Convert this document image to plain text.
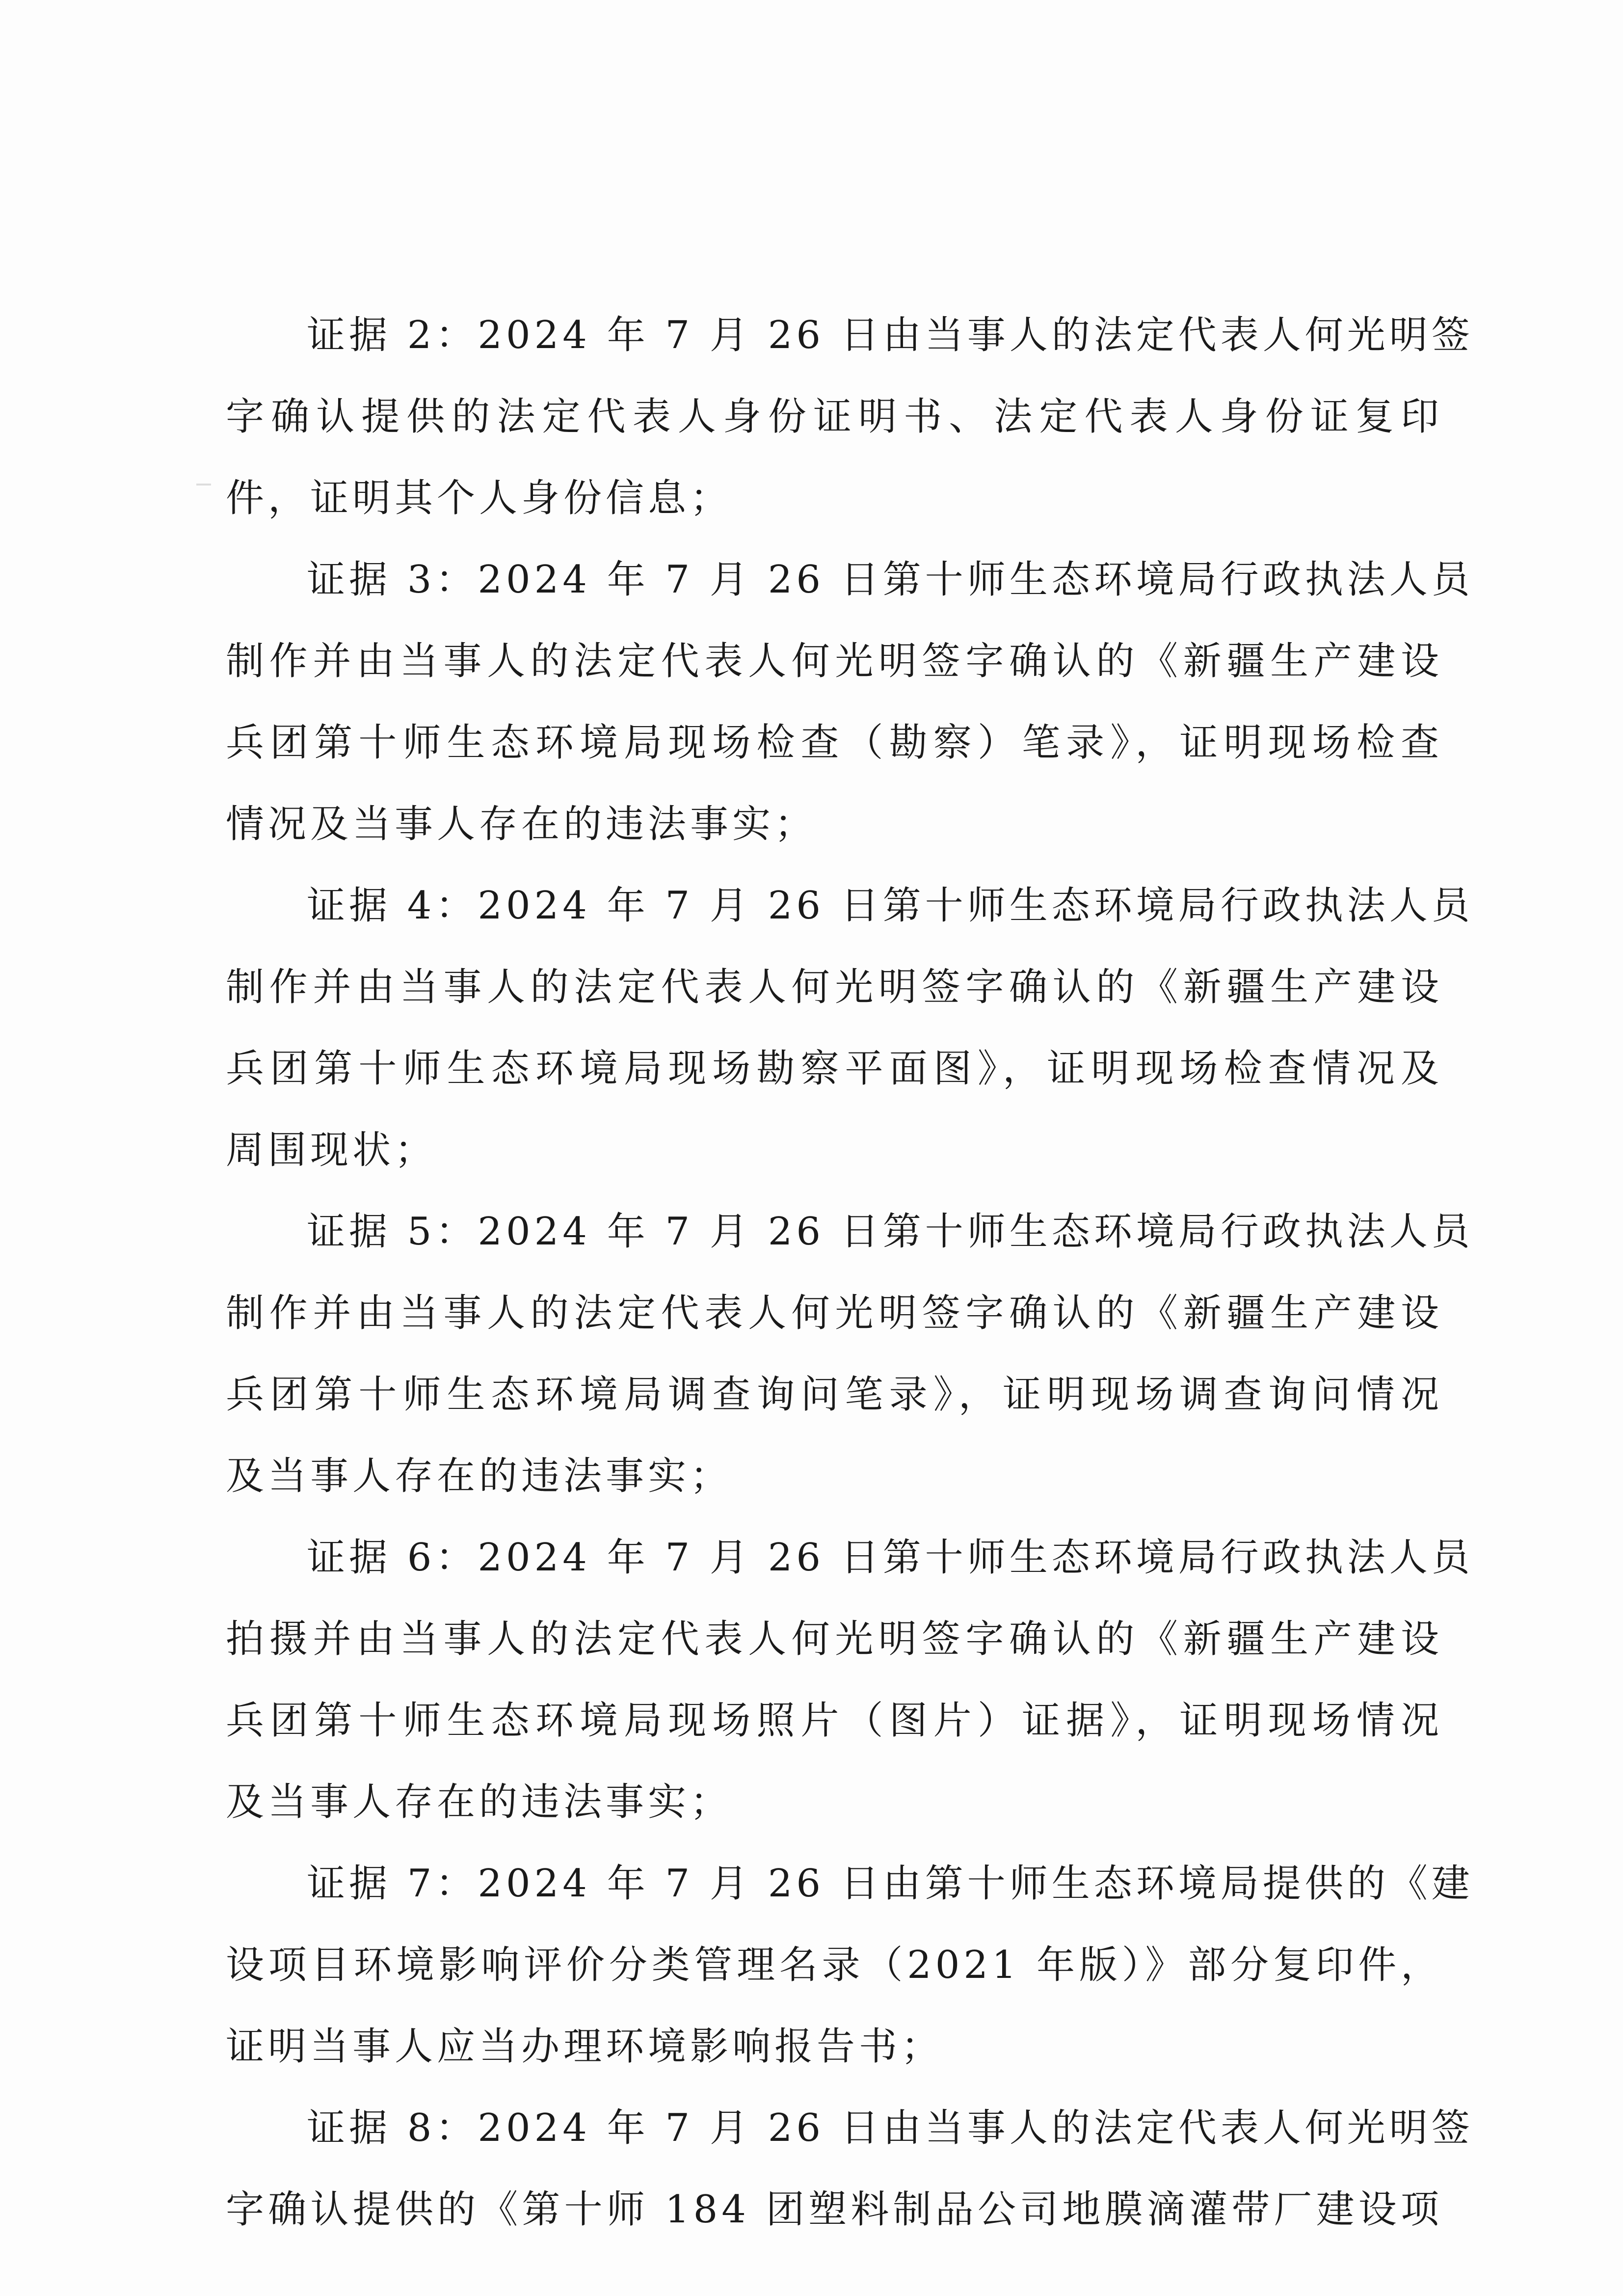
证据 2：2024 年 7 月 26 日由当事人的法定代表人何光明签
字确认提供的法定代表人身份证明书、法定代表人身份证复印
件，证明其个人身份信息；
证据 3：2024 年 7 月 26 日第十师生态环境局行政执法人员
制作并由当事人的法定代表人何光明签字确认的《新疆生产建设
兵团第十师生态环境局现场检查（勘察）笔录》，证明现场检查
情况及当事人存在的违法事实；
证据 4：2024 年 7 月 26 日第十师生态环境局行政执法人员
制作并由当事人的法定代表人何光明签字确认的《新疆生产建设
兵团第十师生态环境局现场勘察平面图》，证明现场检查情况及
周围现状；
证据 5：2024 年 7 月 26 日第十师生态环境局行政执法人员
制作并由当事人的法定代表人何光明签字确认的《新疆生产建设
兵团第十师生态环境局调查询问笔录》，证明现场调查询问情况
及当事人存在的违法事实；
证据 6：2024 年 7 月 26 日第十师生态环境局行政执法人员
拍摄并由当事人的法定代表人何光明签字确认的《新疆生产建设
兵团第十师生态环境局现场照片（图片）证据》，证明现场情况
及当事人存在的违法事实；
证据 7：2024 年 7 月 26 日由第十师生态环境局提供的《建
设项目环境影响评价分类管理名录（2021 年版）》部分复印件，
证明当事人应当办理环境影响报告书；
证据 8：2024 年 7 月 26 日由当事人的法定代表人何光明签
字确认提供的《第十师 184 团塑料制品公司地膜滴灌带厂建设项
